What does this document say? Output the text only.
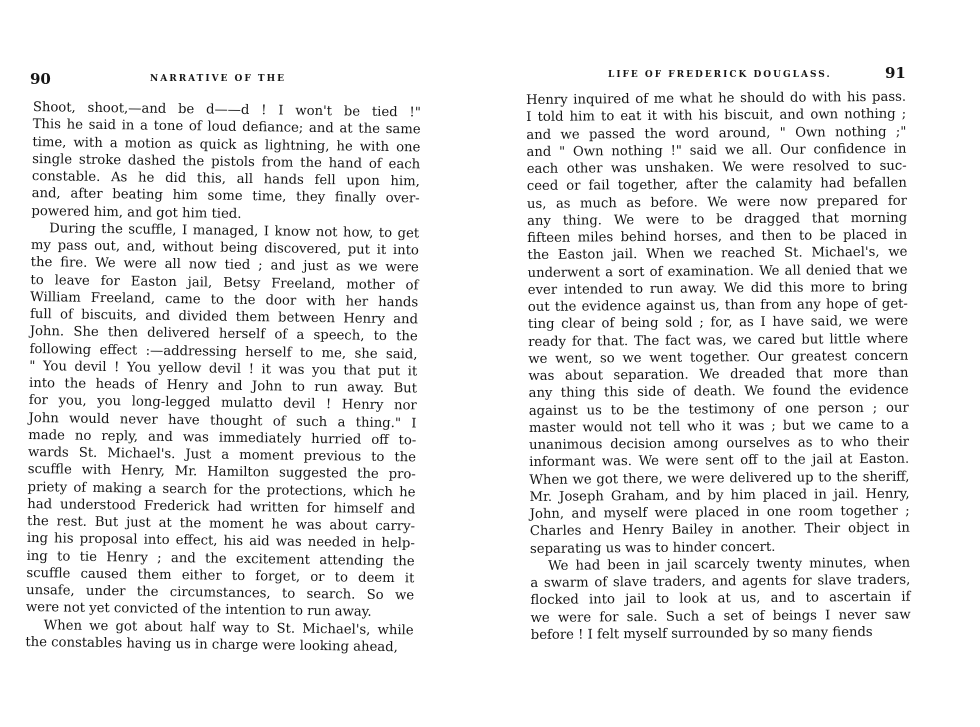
90	NARRATIVE OF THE
Shoot, shoot,—and be d——d ! I won't be tied !"
This he said in a tone of loud defiance; and at the same
time, with a motion as quick as lightning, he with one
single stroke dashed the pistols from the hand of each
constable. As he did this, all hands fell upon him,
and, after beating him some time, they finally over-
powered him, and got him tied.
During the scuffle, I managed, I know not how, to get
my pass out, and, without being discovered, put it into
the fire. We were all now tied ; and just as we were
to leave for Easton jail, Betsy Freeland, mother of
William Freeland, came to the door with her hands
full of biscuits, and divided them between Henry and
John. She then delivered herself of a speech, to the
following effect :—addressing herself to me, she said,
" You devil ! You yellow devil ! it was you that put it
into the heads of Henry and John to run away. But
for you, you long-legged mulatto devil ! Henry nor
John would never have thought of such a thing." I
made no reply, and was immediately hurried off to-
wards St. Michael's. Just a moment previous to the
scuffle with Henry, Mr. Hamilton suggested the pro-
priety of making a search for the protections, which he
had understood Frederick had written for himself and
the rest. But just at the moment he was about carry-
ing his proposal into effect, his aid was needed in help-
ing to tie Henry ; and the excitement attending the
scuffle caused them either to forget, or to deem it
unsafe, under the circumstances, to search. So we
were not yet convicted of the intention to run away.
When we got about half way to St. Michael's, while
the constables having us in charge were looking ahead,
91
LIFE OF FREDERICK DOUGLASS.
Henry inquired of me what he should do with his pass.
I told him to eat it with his biscuit, and own nothing ;
and we passed the word around, " Own nothing ;"
and " Own nothing !" said we all. Our confidence in
each other was unshaken. We were resolved to suc-
ceed or fail together, after the calamity had befallen
us, as much as before. We were now prepared for
any thing. We were to be dragged that morning
fifteen miles behind horses, and then to be placed in
the Easton jail. When we reached St. Michael's, we
underwent a sort of examination. We all denied that we
ever intended to run away. We did this more to bring
out the evidence against us, than from any hope of get-
ting clear of being sold ; for, as I have said, we were
ready for that. The fact was, we cared but little where
we went, so we went together. Our greatest concern
was about separation. We dreaded that more than
any thing this side of death. We found the evidence
against us to be the testimony of one person ; our
master would not tell who it was ; but we came to a
unanimous decision among ourselves as to who their
informant was. We were sent off to the jail at Easton.
When we got there, we were delivered up to the sheriff,
Mr. Joseph Graham, and by him placed in jail. Henry,
John, and myself were placed in one room together ;
Charles and Henry Bailey in another. Their object in
separating us was to hinder concert.
We had been in jail scarcely twenty minutes, when
a swarm of slave traders, and agents for slave traders,
flocked into jail to look at us, and to ascertain if
we were for sale. Such a set of beings I never saw
before ! I felt myself surrounded by so many fiends
